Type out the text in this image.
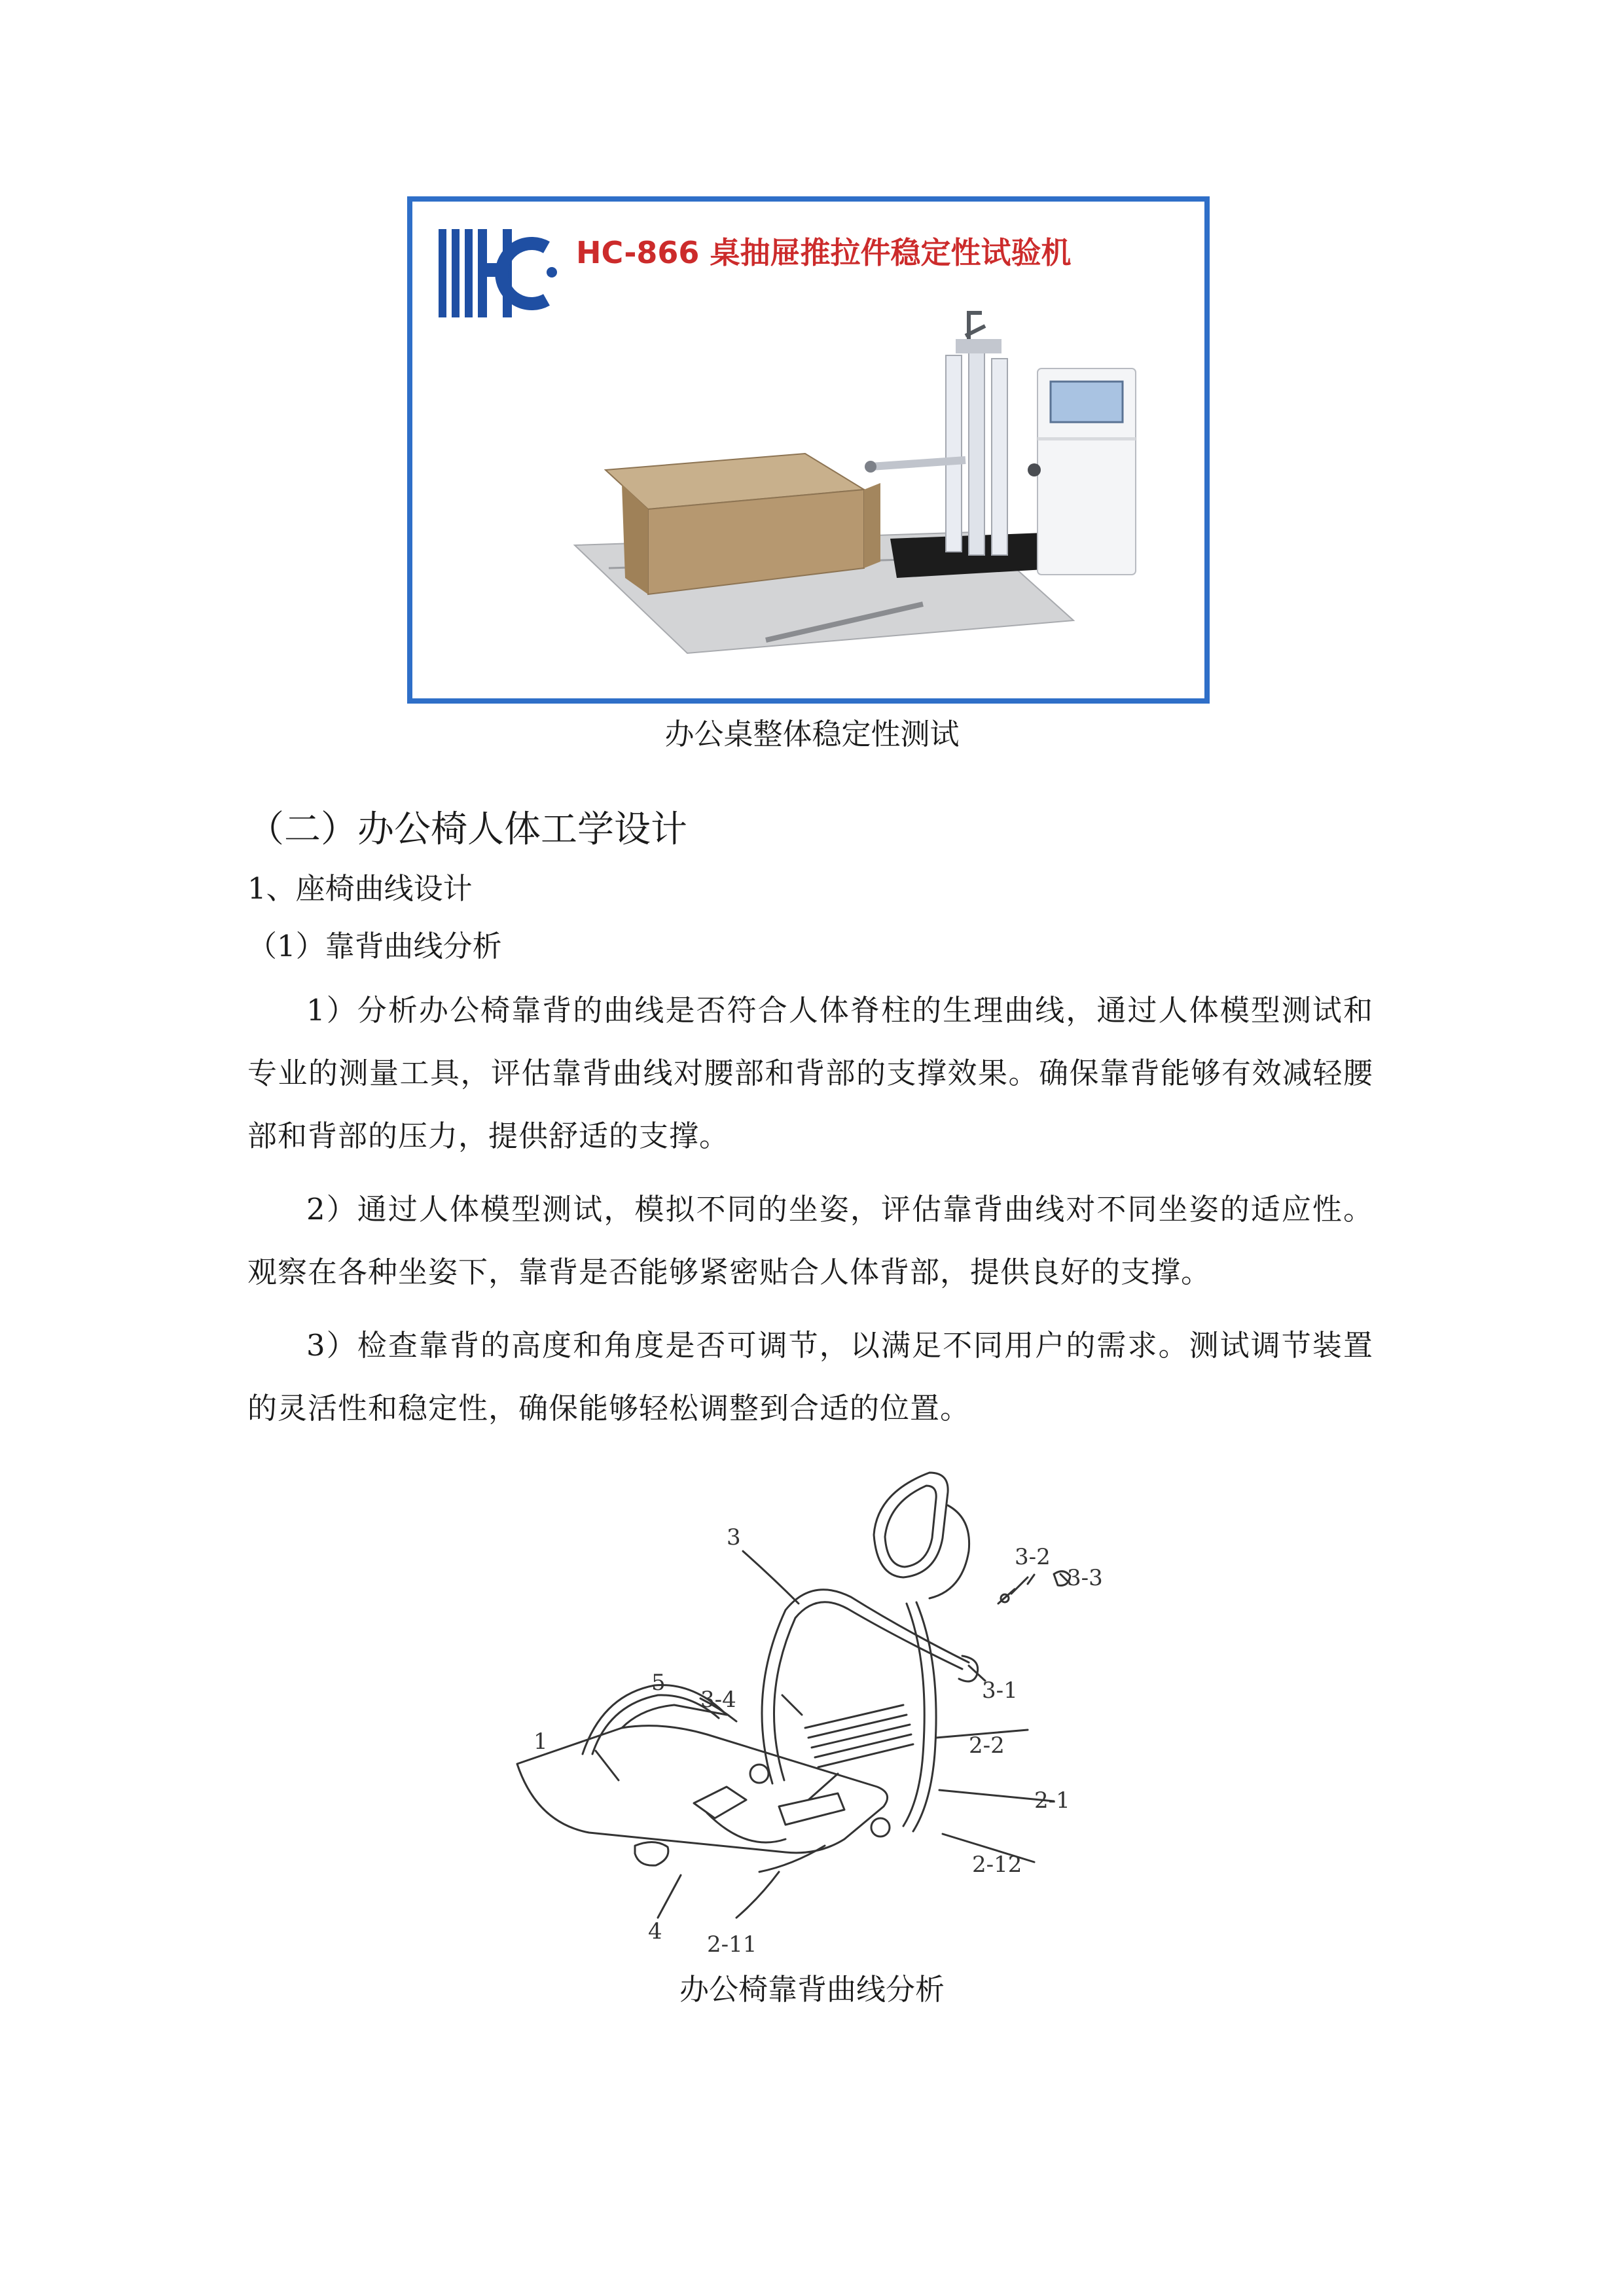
HC-866 桌抽屉推拉件稳定性试验机
办公桌整体稳定性测试
（二）办公椅人体工学设计
1、座椅曲线设计
（1）靠背曲线分析

1）分析办公椅靠背的曲线是否符合人体脊柱的生理曲线，通过人体模型测试和专业的测量工具，评估靠背曲线对腰部和背部的支撑效果。确保靠背能够有效减轻腰部和背部的压力，提供舒适的支撑。

2）通过人体模型测试，模拟不同的坐姿，评估靠背曲线对不同坐姿的适应性。观察在各种坐姿下，靠背是否能够紧密贴合人体背部，提供良好的支撑。

3）检查靠背的高度和角度是否可调节，以满足不同用户的需求。测试调节装置的灵活性和稳定性，确保能够轻松调整到合适的位置。

3
3-2
3-3
3-1
5
3-4
2-2
1
2-1
2-12
4 2-11
办公椅靠背曲线分析
